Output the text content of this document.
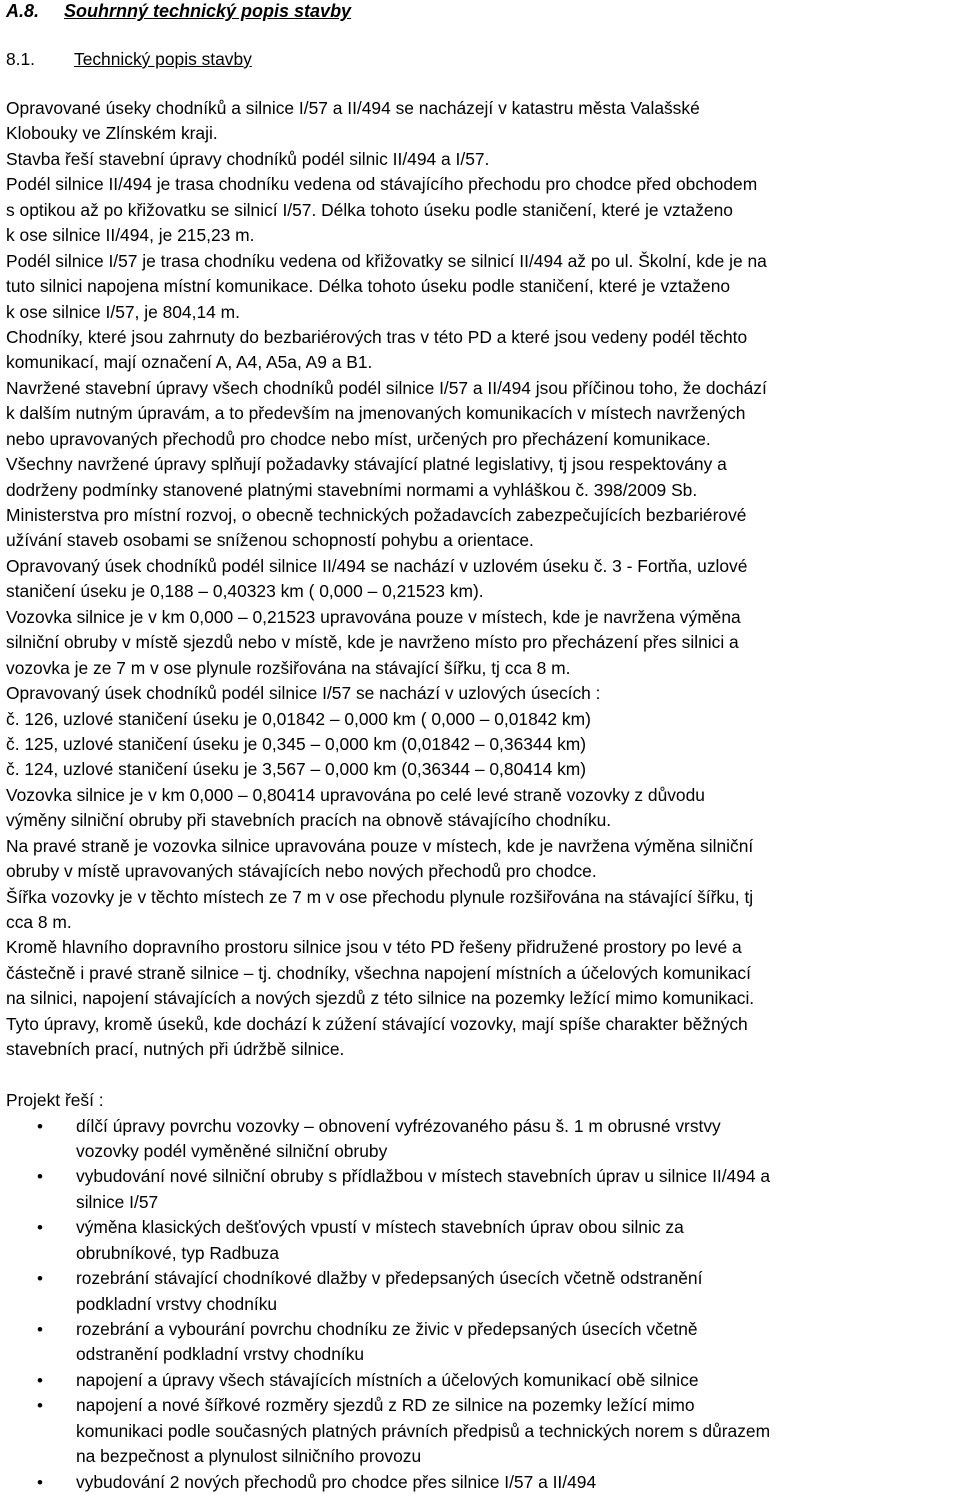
A.8. Souhrnný technický popis stavby
8.1. Technický popis stavby
Opravované úseky chodníků a silnice I/57 a II/494 se nacházejí v katastru města Valašské
Klobouky ve Zlínském kraji.
Stavba řeší stavební úpravy chodníků podél silnic II/494 a I/57.
Podél silnice II/494 je trasa chodníku vedena od stávajícího přechodu pro chodce před obchodem
s optikou až po křižovatku se silnicí I/57. Délka tohoto úseku podle staničení, které je vztaženo
k ose silnice II/494, je 215,23 m.
Podél silnice I/57 je trasa chodníku vedena od křižovatky se silnicí II/494 až po ul. Školní, kde je na
tuto silnici napojena místní komunikace. Délka tohoto úseku podle staničení, které je vztaženo
k ose silnice I/57, je 804,14 m.
Chodníky, které jsou zahrnuty do bezbariérových tras v této PD a které jsou vedeny podél těchto
komunikací, mají označení A, A4, A5a, A9 a B1.
Navržené stavební úpravy všech chodníků podél silnice I/57 a II/494 jsou příčinou toho, že dochází
k dalším nutným úpravám, a to především na jmenovaných komunikacích v místech navržených
nebo upravovaných přechodů pro chodce nebo míst, určených pro přecházení komunikace.
Všechny navržené úpravy splňují požadavky stávající platné legislativy, tj jsou respektovány a
dodrženy podmínky stanovené platnými stavebními normami a vyhláškou č. 398/2009 Sb.
Ministerstva pro místní rozvoj, o obecně technických požadavcích zabezpečujících bezbariérové
užívání staveb osobami se sníženou schopností pohybu a orientace.
Opravovaný úsek chodníků podél silnice II/494 se nachází v uzlovém úseku č. 3 - Fortňa, uzlové
staničení úseku je 0,188 – 0,40323 km ( 0,000 – 0,21523 km).
Vozovka silnice je v km 0,000 – 0,21523 upravována pouze v místech, kde je navržena výměna
silniční obruby v místě sjezdů nebo v místě, kde je navrženo místo pro přecházení přes silnici a
vozovka je ze 7 m v ose plynule rozšiřována na stávající šířku, tj cca 8 m.
Opravovaný úsek chodníků podél silnice I/57 se nachází v uzlových úsecích :
č. 126, uzlové staničení úseku je 0,01842 – 0,000 km ( 0,000 – 0,01842 km)
č. 125, uzlové staničení úseku je 0,345 – 0,000 km (0,01842 – 0,36344 km)
č. 124, uzlové staničení úseku je 3,567 – 0,000 km (0,36344 – 0,80414 km)
Vozovka silnice je v km 0,000 – 0,80414 upravována po celé levé straně vozovky z důvodu
výměny silniční obruby při stavebních pracích na obnově stávajícího chodníku.
Na pravé straně je vozovka silnice upravována pouze v místech, kde je navržena výměna silniční
obruby v místě upravovaných stávajících nebo nových přechodů pro chodce.
Šířka vozovky je v těchto místech ze 7 m v ose přechodu plynule rozšiřována na stávající šířku, tj
cca 8 m.
Kromě hlavního dopravního prostoru silnice jsou v této PD řešeny přidružené prostory po levé a
částečně i pravé straně silnice – tj. chodníky, všechna napojení místních a účelových komunikací
na silnici, napojení stávajících a nových sjezdů z této silnice na pozemky ležící mimo komunikaci.
Tyto úpravy, kromě úseků, kde dochází k zúžení stávající vozovky, mají spíše charakter běžných
stavebních prací, nutných při údržbě silnice.
Projekt řeší :
• dílčí úpravy povrchu vozovky – obnovení vyfrézovaného pásu š. 1 m obrusné vrstvy
vozovky podél vyměněné silniční obruby
• vybudování nové silniční obruby s přídlažbou v místech stavebních úprav u silnice II/494 a
silnice I/57
• výměna klasických dešťových vpustí v místech stavebních úprav obou silnic za
obrubníkové, typ Radbuza
• rozebrání stávající chodníkové dlažby v předepsaných úsecích včetně odstranění
podkladní vrstvy chodníku
• rozebrání a vybourání povrchu chodníku ze živic v předepsaných úsecích včetně
odstranění podkladní vrstvy chodníku
• napojení a úpravy všech stávajících místních a účelových komunikací obě silnice
• napojení a nové šířkové rozměry sjezdů z RD ze silnice na pozemky ležící mimo
komunikaci podle současných platných právních předpisů a technických norem s důrazem
na bezpečnost a plynulost silničního provozu
• vybudování 2 nových přechodů pro chodce přes silnice I/57 a II/494
